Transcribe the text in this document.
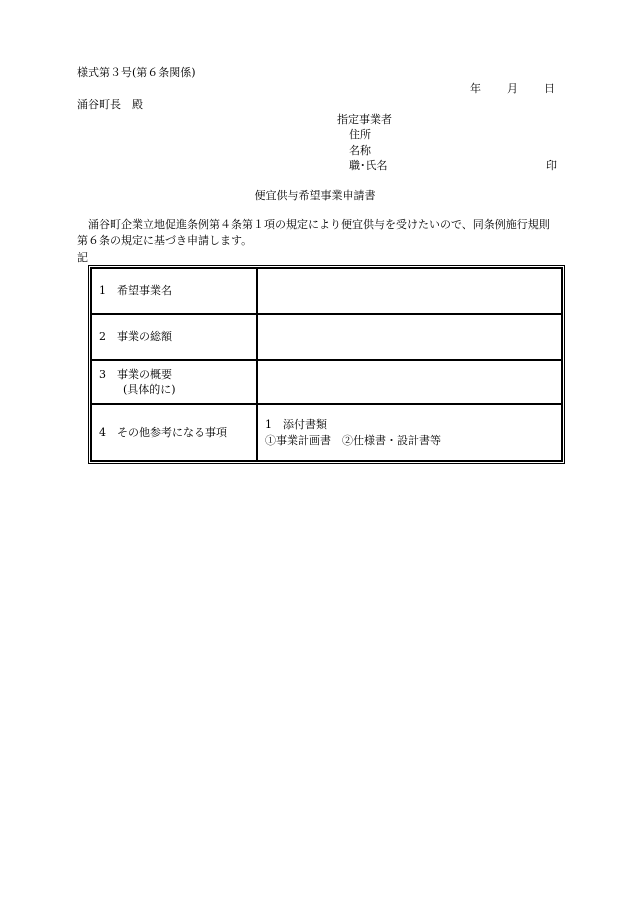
様式第３号(第６条関係)
年 月 日
涌谷町長　殿
指定事業者
住所
名称
職･氏名	印
便宜供与希望事業申請書
涌谷町企業立地促進条例第４条第１項の規定により便宜供与を受けたいので、同条例施行規則第６条の規定に基づき申請します。
記
1　希望事業名	
2　事業の総額	

3　事業の概要
(具体的に)	

4　その他参考になる事項	1　添付書類
①事業計画書　②仕様書・設計書等
